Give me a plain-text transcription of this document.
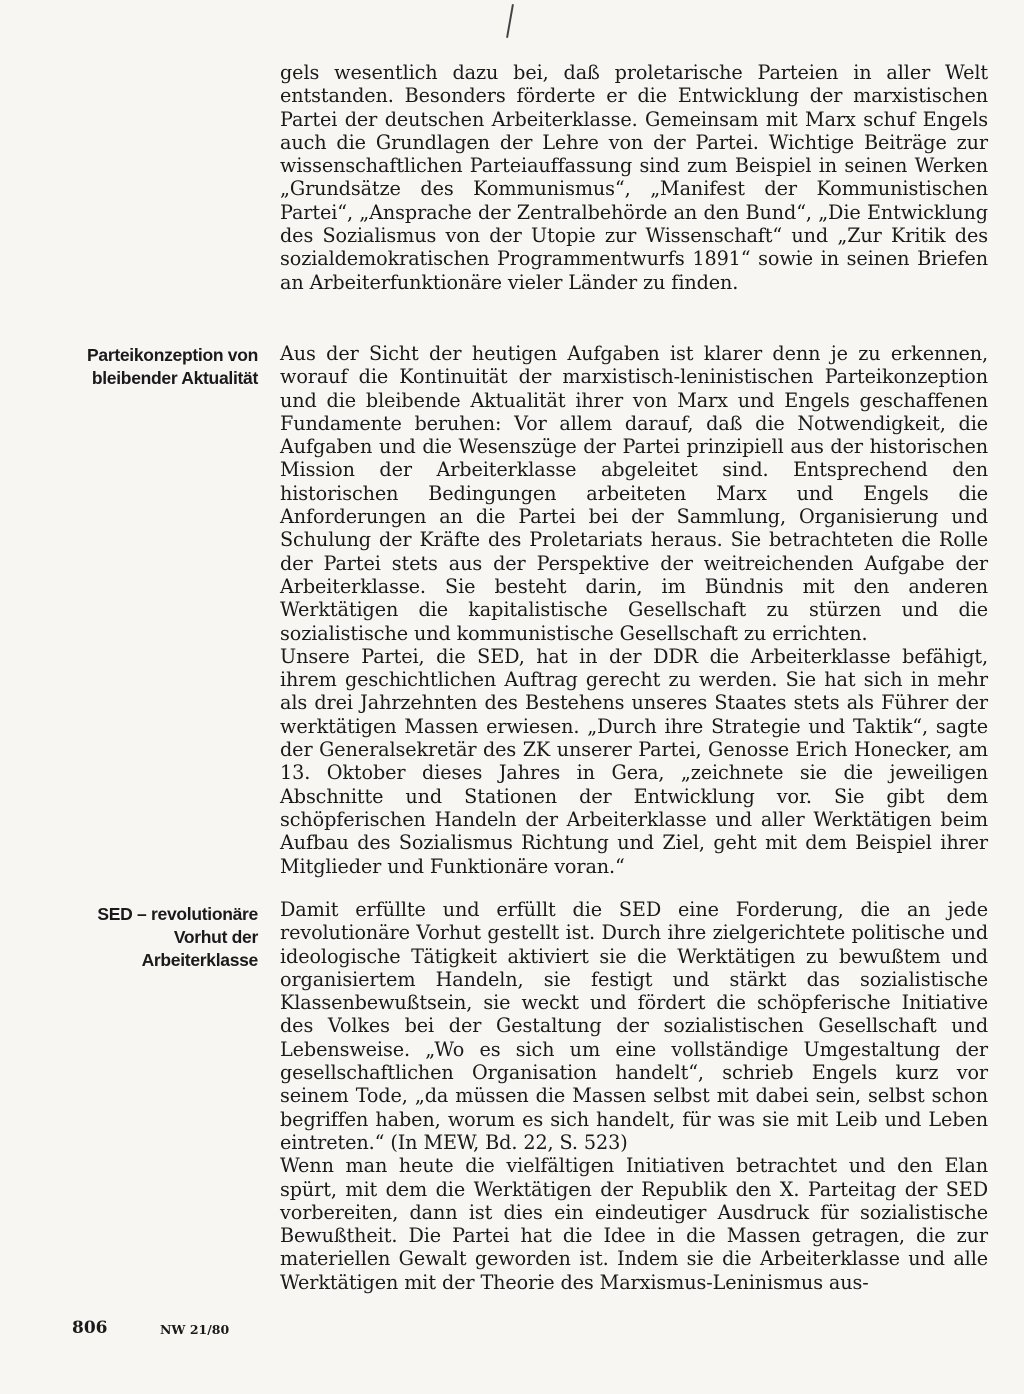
gels wesentlich dazu bei, daß proletarische Parteien in aller Welt entstanden. Besonders förderte er die Entwicklung der marxistischen Partei der deutschen Arbeiterklasse. Gemeinsam mit Marx schuf Engels auch die Grundlagen der Lehre von der Partei. Wichtige Beiträge zur wissenschaftlichen Parteiauffassung sind zum Beispiel in seinen Werken „Grundsätze des Kommunismus“, „Manifest der Kommunistischen Partei“, „Ansprache der Zentralbehörde an den Bund“, „Die Entwicklung des Sozialismus von der Utopie zur Wissenschaft“ und „Zur Kritik des sozialdemokratischen Programmentwurfs 1891“ sowie in seinen Briefen an Arbeiterfunktionäre vieler Länder zu finden.

Parteikonzeption von bleibender Aktualität

Aus der Sicht der heutigen Aufgaben ist klarer denn je zu erkennen, worauf die Kontinuität der marxistisch-leninistischen Parteikonzeption und die bleibende Aktualität ihrer von Marx und Engels geschaffenen Fundamente beruhen: Vor allem darauf, daß die Notwendigkeit, die Aufgaben und die Wesenszüge der Partei prinzipiell aus der historischen Mission der Arbeiterklasse abgeleitet sind. Entsprechend den historischen Bedingungen arbeiteten Marx und Engels die Anforderungen an die Partei bei der Sammlung, Organisierung und Schulung der Kräfte des Proletariats heraus. Sie betrachteten die Rolle der Partei stets aus der Perspektive der weitreichenden Aufgabe der Arbeiterklasse. Sie besteht darin, im Bündnis mit den anderen Werktätigen die kapitalistische Gesellschaft zu stürzen und die sozialistische und kommunistische Gesellschaft zu errichten.

Unsere Partei, die SED, hat in der DDR die Arbeiterklasse befähigt, ihrem geschichtlichen Auftrag gerecht zu werden. Sie hat sich in mehr als drei Jahrzehnten des Bestehens unseres Staates stets als Führer der werktätigen Massen erwiesen. „Durch ihre Strategie und Taktik“, sagte der Generalsekretär des ZK unserer Partei, Genosse Erich Honecker, am 13. Oktober dieses Jahres in Gera, „zeichnete sie die jeweiligen Abschnitte und Stationen der Entwicklung vor. Sie gibt dem schöpferischen Handeln der Arbeiterklasse und aller Werktätigen beim Aufbau des Sozialismus Richtung und Ziel, geht mit dem Beispiel ihrer Mitglieder und Funktionäre voran.“

SED – revolutionäre Vorhut der Arbeiterklasse

Damit erfüllte und erfüllt die SED eine Forderung, die an jede revolutionäre Vorhut gestellt ist. Durch ihre zielgerichtete politische und ideologische Tätigkeit aktiviert sie die Werktätigen zu bewußtem und organisiertem Handeln, sie festigt und stärkt das sozialistische Klassenbewußtsein, sie weckt und fördert die schöpferische Initiative des Volkes bei der Gestaltung der sozialistischen Gesellschaft und Lebensweise. „Wo es sich um eine vollständige Umgestaltung der gesellschaftlichen Organisation handelt“, schrieb Engels kurz vor seinem Tode, „da müssen die Massen selbst mit dabei sein, selbst schon begriffen haben, worum es sich handelt, für was sie mit Leib und Leben eintreten.“ (In MEW, Bd. 22, S. 523)

Wenn man heute die vielfältigen Initiativen betrachtet und den Elan spürt, mit dem die Werktätigen der Republik den X. Parteitag der SED vorbereiten, dann ist dies ein eindeutiger Ausdruck für sozialistische Bewußtheit. Die Partei hat die Idee in die Massen getragen, die zur materiellen Gewalt geworden ist. Indem sie die Arbeiterklasse und alle Werktätigen mit der Theorie des Marxismus-Leninismus aus-

806	NW 21/80
